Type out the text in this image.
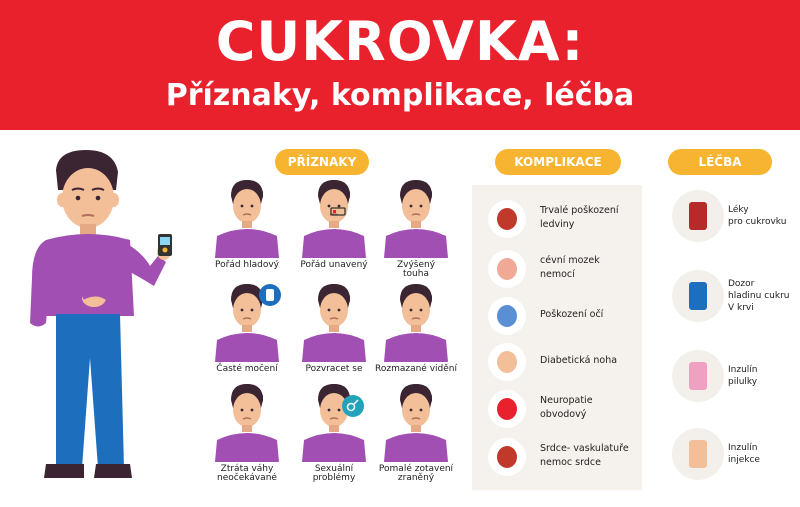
CUKROVKA:
Příznaky, komplikace, léčba
PŘÍZNAKY	KOMPLIKACE	LÉČBA
Pořád hladový	Pořád unavený	Zvýšený
touha
Časté močení	Pozvracet se	Rozmazané vidění
Ztráta váhy
neočekávané
Sexuální
problémy
Pomalé zotavení
zraněný
Trvalé poškození
ledviny
cévní mozek
nemocí
Poškození očí
Diabetická noha
Neuropatie
obvodový
Srdce- vaskulatuře
nemoc srdce
Léky
pro cukrovku
Dozor
hladinu cukru
V krvi
Inzulín
pilulky
Inzulín
injekce
